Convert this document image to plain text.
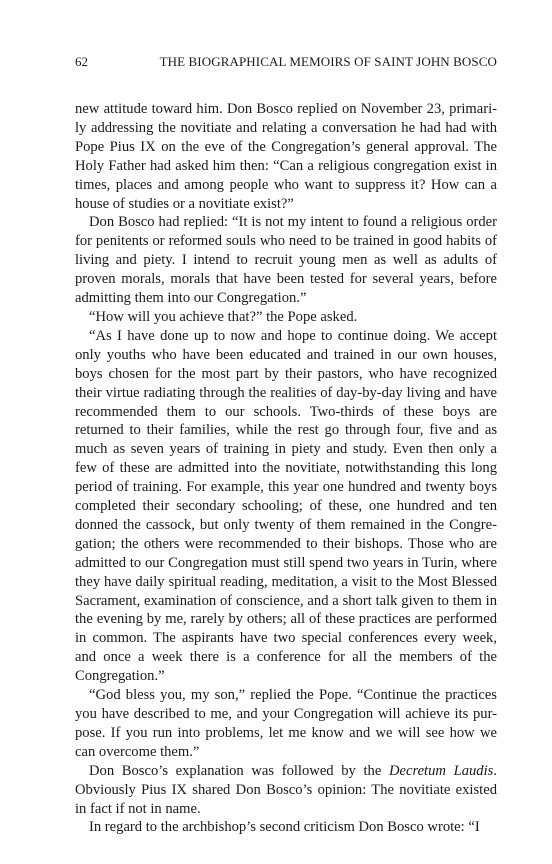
62	THE BIOGRAPHICAL MEMOIRS OF SAINT JOHN BOSCO

new attitude toward him. Don Bosco replied on November 23, primari-ly addressing the novitiate and relating a conversation he had had with Pope Pius IX on the eve of the Congregation’s general approval. The Holy Father had asked him then: “Can a religious congregation exist in times, places and among people who want to suppress it? How can a house of studies or a novitiate exist?”

Don Bosco had replied: “It is not my intent to found a religious order for penitents or reformed souls who need to be trained in good habits of living and piety. I intend to recruit young men as well as adults of proven morals, morals that have been tested for several years, before admitting them into our Congregation.”

“How will you achieve that?” the Pope asked.

“As I have done up to now and hope to continue doing. We accept only youths who have been educated and trained in our own houses, boys chosen for the most part by their pastors, who have recognized their virtue radiating through the realities of day-by-day living and have recommended them to our schools. Two-thirds of these boys are returned to their families, while the rest go through four, five and as much as seven years of training in piety and study. Even then only a few of these are admitted into the novitiate, notwithstanding this long period of training. For example, this year one hundred and twenty boys completed their secondary schooling; of these, one hundred and ten donned the cassock, but only twenty of them remained in the Congre-gation; the others were recommended to their bishops. Those who are admitted to our Congregation must still spend two years in Turin, where they have daily spiritual reading, meditation, a visit to the Most Blessed Sacrament, examination of conscience, and a short talk given to them in the evening by me, rarely by others; all of these practices are performed in common. The aspirants have two special conferences every week, and once a week there is a conference for all the members of the Congregation.”

“God bless you, my son,” replied the Pope. “Continue the practices you have described to me, and your Congregation will achieve its pur-pose. If you run into problems, let me know and we will see how we can overcome them.”

Don Bosco’s explanation was followed by the Decretum Laudis. Obviously Pius IX shared Don Bosco’s opinion: The novitiate existed in fact if not in name.

In regard to the archbishop’s second criticism Don Bosco wrote: “I
